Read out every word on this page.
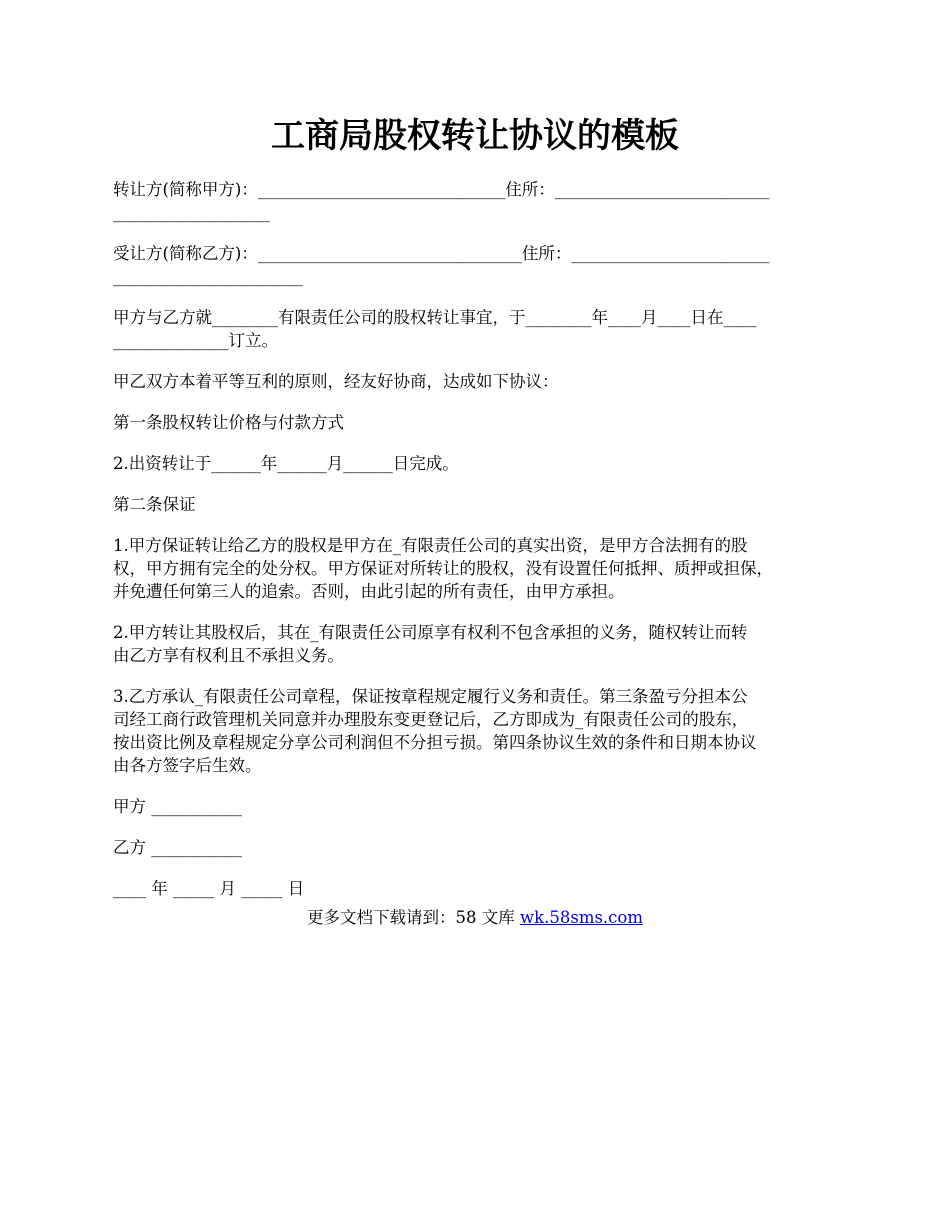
工商局股权转让协议的模板

转让方(简称甲方)：______________________________住所：__________________________
___________________

受让方(简称乙方)：________________________________住所：________________________
_______________________

甲方与乙方就________有限责任公司的股权转让事宜，于________年____月____日在____
______________订立。

甲乙双方本着平等互利的原则，经友好协商，达成如下协议：

第一条股权转让价格与付款方式

2.出资转让于______年______月______日完成。

第二条保证

1.甲方保证转让给乙方的股权是甲方在_有限责任公司的真实出资，是甲方合法拥有的股
权，甲方拥有完全的处分权。甲方保证对所转让的股权，没有设置任何抵押、质押或担保，
并免遭任何第三人的追索。否则，由此引起的所有责任，由甲方承担。

2.甲方转让其股权后，其在_有限责任公司原享有权利不包含承担的义务，随权转让而转
由乙方享有权利且不承担义务。

3.乙方承认_有限责任公司章程，保证按章程规定履行义务和责任。第三条盈亏分担本公
司经工商行政管理机关同意并办理股东变更登记后，乙方即成为_有限责任公司的股东，
按出资比例及章程规定分享公司利润但不分担亏损。第四条协议生效的条件和日期本协议
由各方签字后生效。

甲方 ___________

乙方 ___________

____ 年 _____ 月 _____ 日

更多文档下载请到：58 文库 wk.58sms.com
